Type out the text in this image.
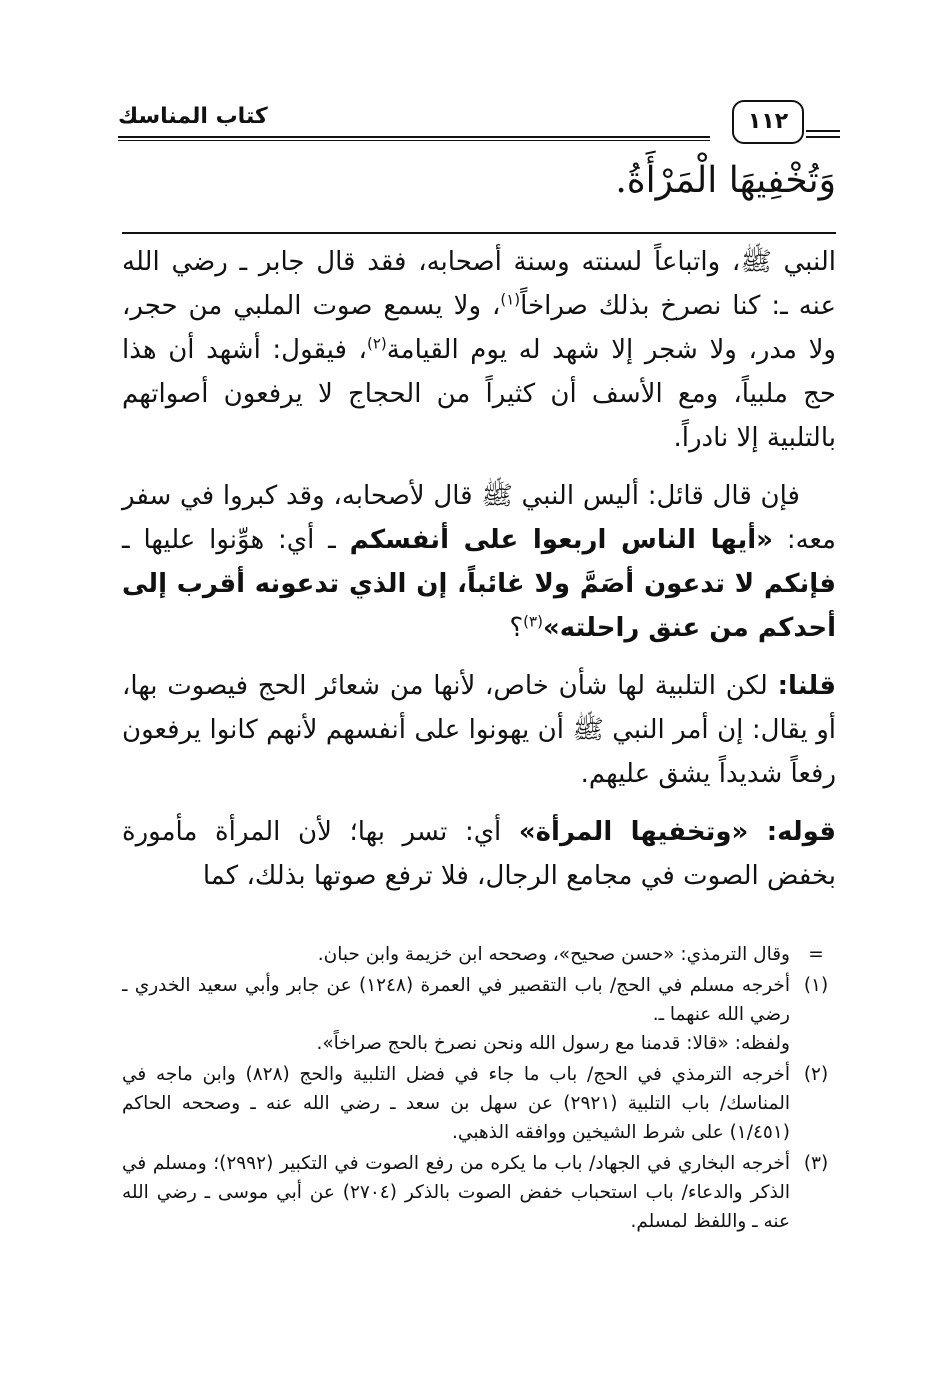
كتاب المناسك	١١٢
وَتُخْفِيهَا الْمَرْأَةُ.

النبي ﷺ، واتباعاً لسنته وسنة أصحابه، فقد قال جابر ـ رضي الله عنه ـ: كنا نصرخ بذلك صراخاً$^{(١)}$، ولا يسمع صوت الملبي من حجر، ولا مدر، ولا شجر إلا شهد له يوم القيامة$^{(٢)}$، فيقول: أشهد أن هذا حج ملبياً، ومع الأسف أن كثيراً من الحجاج لا يرفعون أصواتهم بالتلبية إلا نادراً.

فإن قال قائل: أليس النبي ﷺ قال لأصحابه، وقد كبروا في سفر معه: «أيها الناس اربعوا على أنفسكم ـ أي: هوِّنوا عليها ـ فإنكم لا تدعون أصَمَّ ولا غائباً، إن الذي تدعونه أقرب إلى أحدكم من عنق راحلته»$^{(٣)}$؟

قلنا: لكن التلبية لها شأن خاص، لأنها من شعائر الحج فيصوت بها، أو يقال: إن أمر النبي ﷺ أن يهونوا على أنفسهم لأنهم كانوا يرفعون رفعاً شديداً يشق عليهم.

قوله: «وتخفيها المرأة» أي: تسر بها؛ لأن المرأة مأمورة بخفض الصوت في مجامع الرجال، فلا ترفع صوتها بذلك، كما

=
وقال الترمذي: «حسن صحيح»، وصححه ابن خزيمة وابن حبان.
(١)
أخرجه مسلم في الحج/ باب التقصير في العمرة (١٢٤٨) عن جابر وأبي سعيد الخدري ـ رضي الله عنهما ـ.
ولفظه: «قالا: قدمنا مع رسول الله ونحن نصرخ بالحج صراخاً».
(٢)
أخرجه الترمذي في الحج/ باب ما جاء في فضل التلبية والحج (٨٢٨) وابن ماجه في المناسك/ باب التلبية (٢٩٢١) عن سهل بن سعد ـ رضي الله عنه ـ وصححه الحاكم (١/٤٥١) على شرط الشيخين ووافقه الذهبي.
(٣)
أخرجه البخاري في الجهاد/ باب ما يكره من رفع الصوت في التكبير (٢٩٩٢)؛ ومسلم في الذكر والدعاء/ باب استحباب خفض الصوت بالذكر (٢٧٠٤) عن أبي موسى ـ رضي الله عنه ـ واللفظ لمسلم.
